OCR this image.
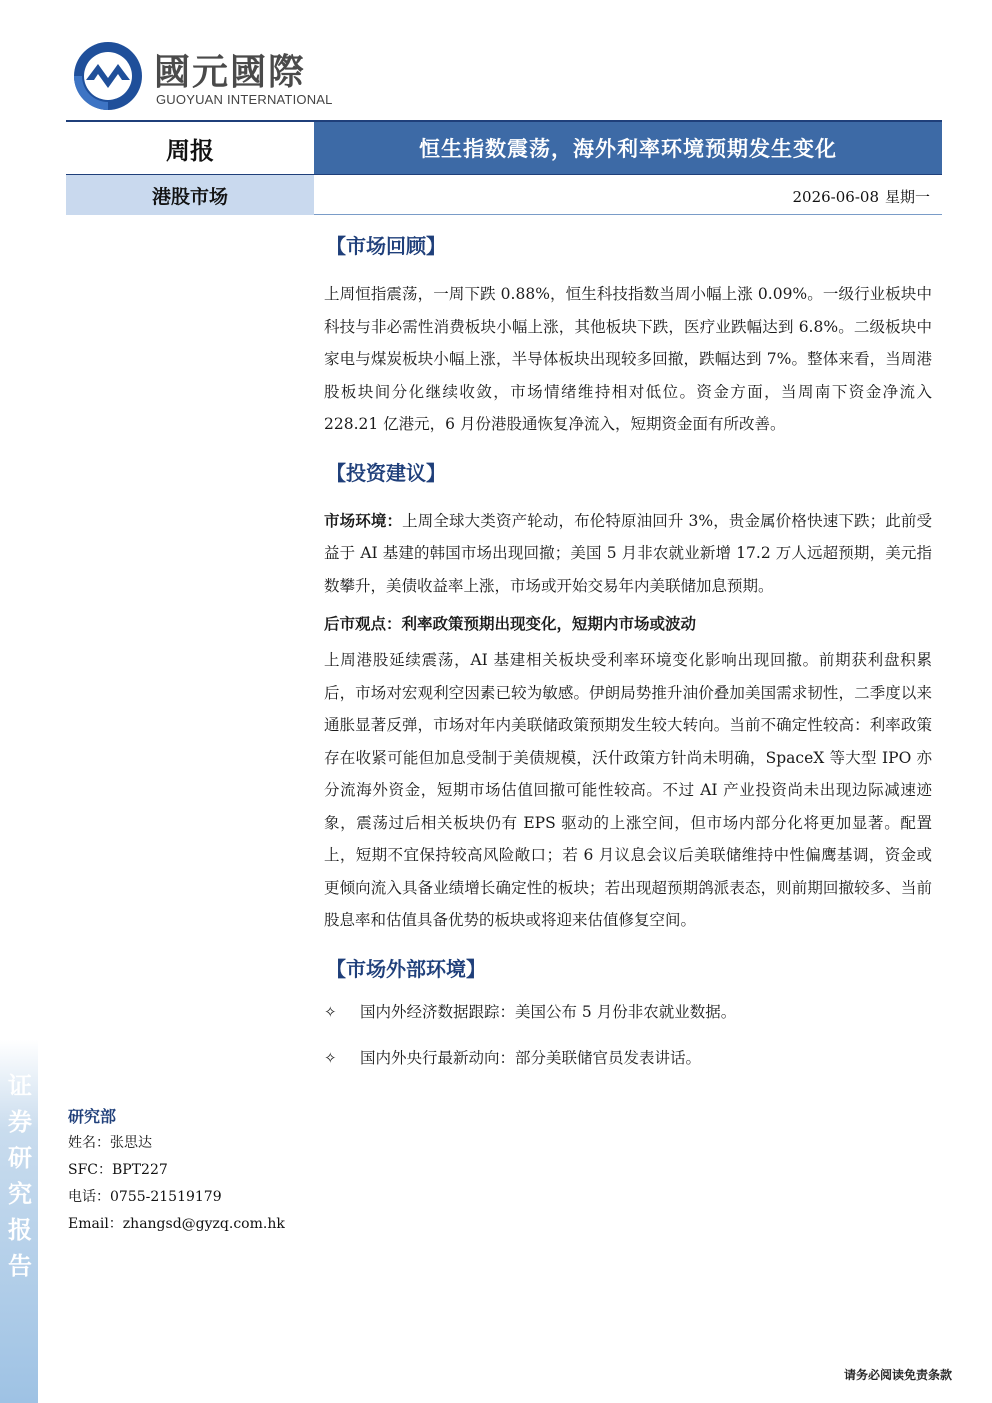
证
券
研
究
报
告
國元國際
GUOYUAN INTERNATIONAL
周报	恒生指数震荡，海外利率环境预期发生变化
港股市场	2026-06-08 星期一
【市场回顾】

上周恒指震荡，一周下跌 0.88%，恒生科技指数当周小幅上涨 0.09%。一级行业板块中科技与非必需性消费板块小幅上涨，其他板块下跌，医疗业跌幅达到 6.8%。二级板块中家电与煤炭板块小幅上涨，半导体板块出现较多回撤，跌幅达到 7%。整体来看，当周港股板块间分化继续收敛，市场情绪维持相对低位。资金方面，当周南下资金净流入 228.21 亿港元，6 月份港股通恢复净流入，短期资金面有所改善。

【投资建议】

市场环境：上周全球大类资产轮动，布伦特原油回升 3%，贵金属价格快速下跌；此前受益于 AI 基建的韩国市场出现回撤；美国 5 月非农就业新增 17.2 万人远超预期，美元指数攀升，美债收益率上涨，市场或开始交易年内美联储加息预期。

后市观点：利率政策预期出现变化，短期内市场或波动

上周港股延续震荡，AI 基建相关板块受利率环境变化影响出现回撤。前期获利盘积累后，市场对宏观利空因素已较为敏感。伊朗局势推升油价叠加美国需求韧性，二季度以来通胀显著反弹，市场对年内美联储政策预期发生较大转向。当前不确定性较高：利率政策存在收紧可能但加息受制于美债规模，沃什政策方针尚未明确，SpaceX 等大型 IPO 亦分流海外资金，短期市场估值回撤可能性较高。不过 AI 产业投资尚未出现边际减速迹象，震荡过后相关板块仍有 EPS 驱动的上涨空间，但市场内部分化将更加显著。配置上，短期不宜保持较高风险敞口；若 6 月议息会议后美联储维持中性偏鹰基调，资金或更倾向流入具备业绩增长确定性的板块；若出现超预期鸽派表态，则前期回撤较多、当前股息率和估值具备优势的板块或将迎来估值修复空间。

【市场外部环境】
✧	国内外经济数据跟踪：美国公布 5 月份非农就业数据。
✧	国内外央行最新动向：部分美联储官员发表讲话。
研究部
姓名：张思达
SFC：BPT227
电话：0755-21519179
Email：zhangsd@gyzq.com.hk
请务必阅读免责条款
